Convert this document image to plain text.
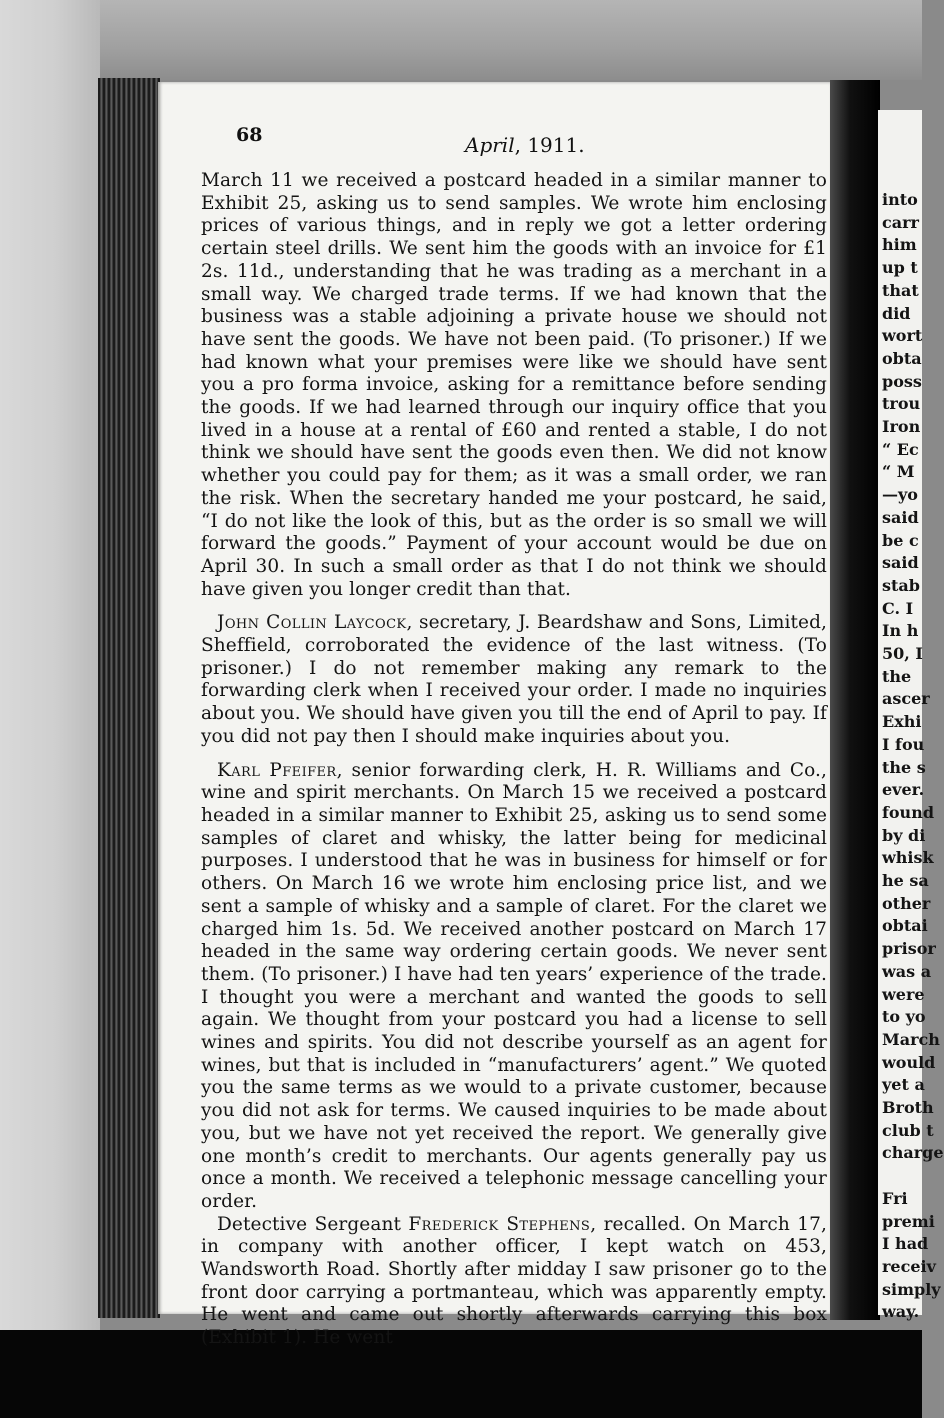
into
carr
him
up t
that
did
wort
obta
poss
trou
Iron
“ Ec
“ M
—yo
said
be c
said
stab
C. I
In h
50, I
the
ascer
Exhi
I fou
the s
ever.
found
by di
whisk
he sa
other
obtai
prisor
was a
were
to yo
March
would
yet a
Broth
club t
charge
Fri
premi
I had
receiv
simply
way.
68	April, 1911.

March 11 we received a postcard headed in a similar manner to Exhibit 25, asking us to send samples. We wrote him enclosing prices of various things, and in reply we got a letter ordering certain steel drills. We sent him the goods with an invoice for £1 2s. 11d., understanding that he was trading as a merchant in a small way. We charged trade terms. If we had known that the business was a stable adjoining a private house we should not have sent the goods. We have not been paid. (To prisoner.) If we had known what your premises were like we should have sent you a pro forma invoice, asking for a remittance before sending the goods. If we had learned through our inquiry office that you lived in a house at a rental of £60 and rented a stable, I do not think we should have sent the goods even then. We did not know whether you could pay for them; as it was a small order, we ran the risk. When the secretary handed me your postcard, he said, “I do not like the look of this, but as the order is so small we will forward the goods.” Payment of your account would be due on April 30. In such a small order as that I do not think we should have given you longer credit than that.

John Collin Laycock, secretary, J. Beardshaw and Sons, Limited, Sheffield, corroborated the evidence of the last witness. (To prisoner.) I do not remember making any remark to the forwarding clerk when I received your order. I made no inquiries about you. We should have given you till the end of April to pay. If you did not pay then I should make inquiries about you.

Karl Pfeifer, senior forwarding clerk, H. R. Williams and Co., wine and spirit merchants. On March 15 we received a postcard headed in a similar manner to Exhibit 25, asking us to send some samples of claret and whisky, the latter being for medicinal purposes. I understood that he was in business for himself or for others. On March 16 we wrote him enclosing price list, and we sent a sample of whisky and a sample of claret. For the claret we charged him 1s. 5d. We received another postcard on March 17 headed in the same way ordering certain goods. We never sent them. (To prisoner.) I have had ten years’ experience of the trade. I thought you were a merchant and wanted the goods to sell again. We thought from your postcard you had a license to sell wines and spirits. You did not describe yourself as an agent for wines, but that is included in “manufacturers’ agent.” We quoted you the same terms as we would to a private customer, because you did not ask for terms. We caused inquiries to be made about you, but we have not yet received the report. We generally give one month’s credit to merchants. Our agents generally pay us once a month. We received a telephonic message cancelling your order.

Detective Sergeant Frederick Stephens, recalled. On March 17, in company with another officer, I kept watch on 453, Wandsworth Road. Shortly after midday I saw prisoner go to the front door carrying a portmanteau, which was apparently empty. He went and came out shortly afterwards carrying this box (Exhibit 1). He went
